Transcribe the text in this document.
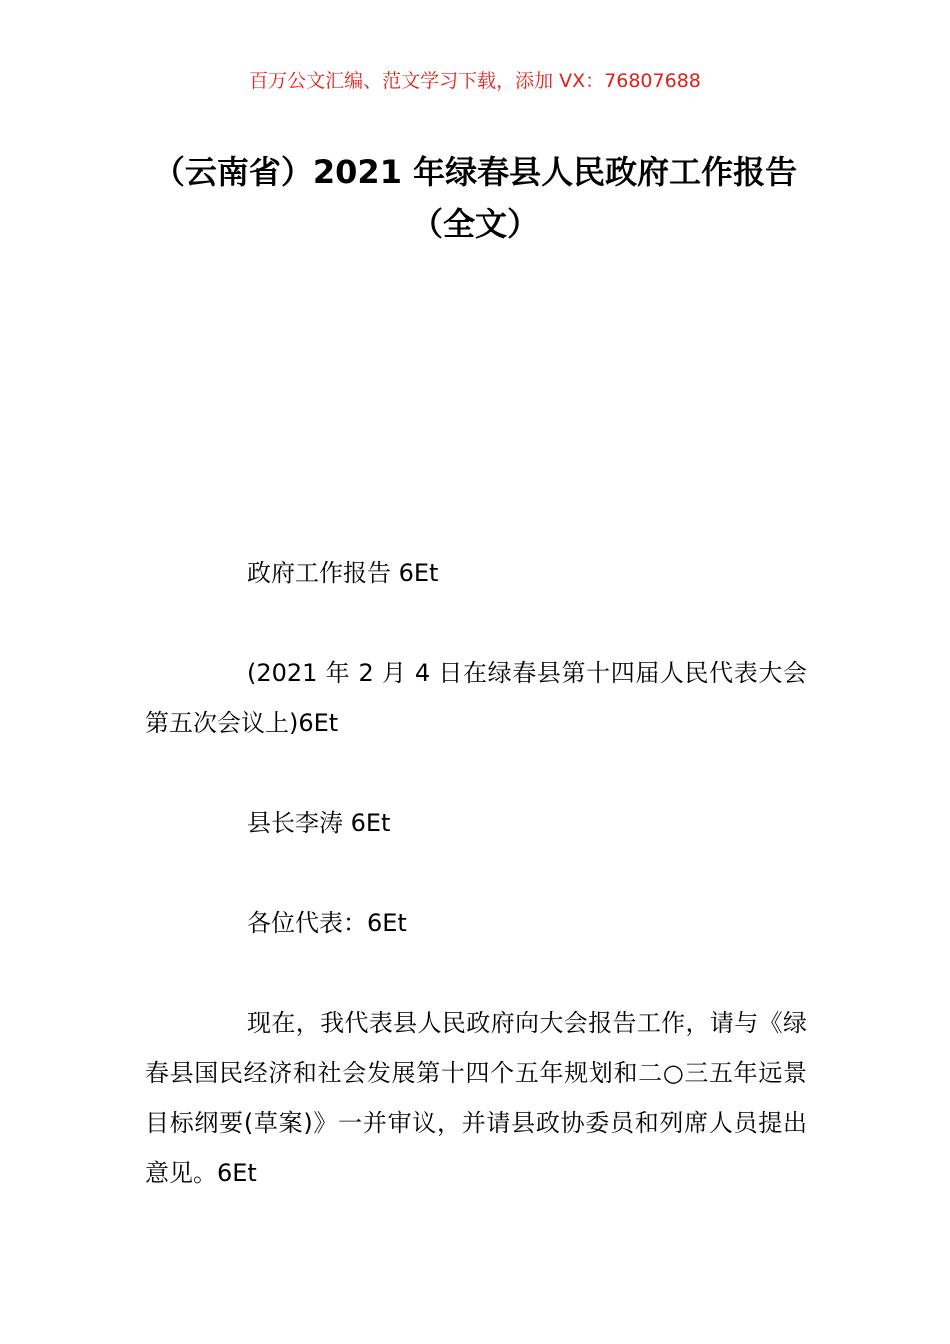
百万公文汇编、范文学习下载，添加 VX：76807688
（云南省）2021 年绿春县人民政府工作报告（全文）

政府工作报告 6Et

(2021 年 2 月 4 日在绿春县第十四届人民代表大会第五次会议上)6Et

县长李涛 6Et

各位代表：6Et

现在，我代表县人民政府向大会报告工作，请与《绿春县国民经济和社会发展第十四个五年规划和二○三五年远景目标纲要(草案)》一并审议，并请县政协委员和列席人员提出意见。6Et
